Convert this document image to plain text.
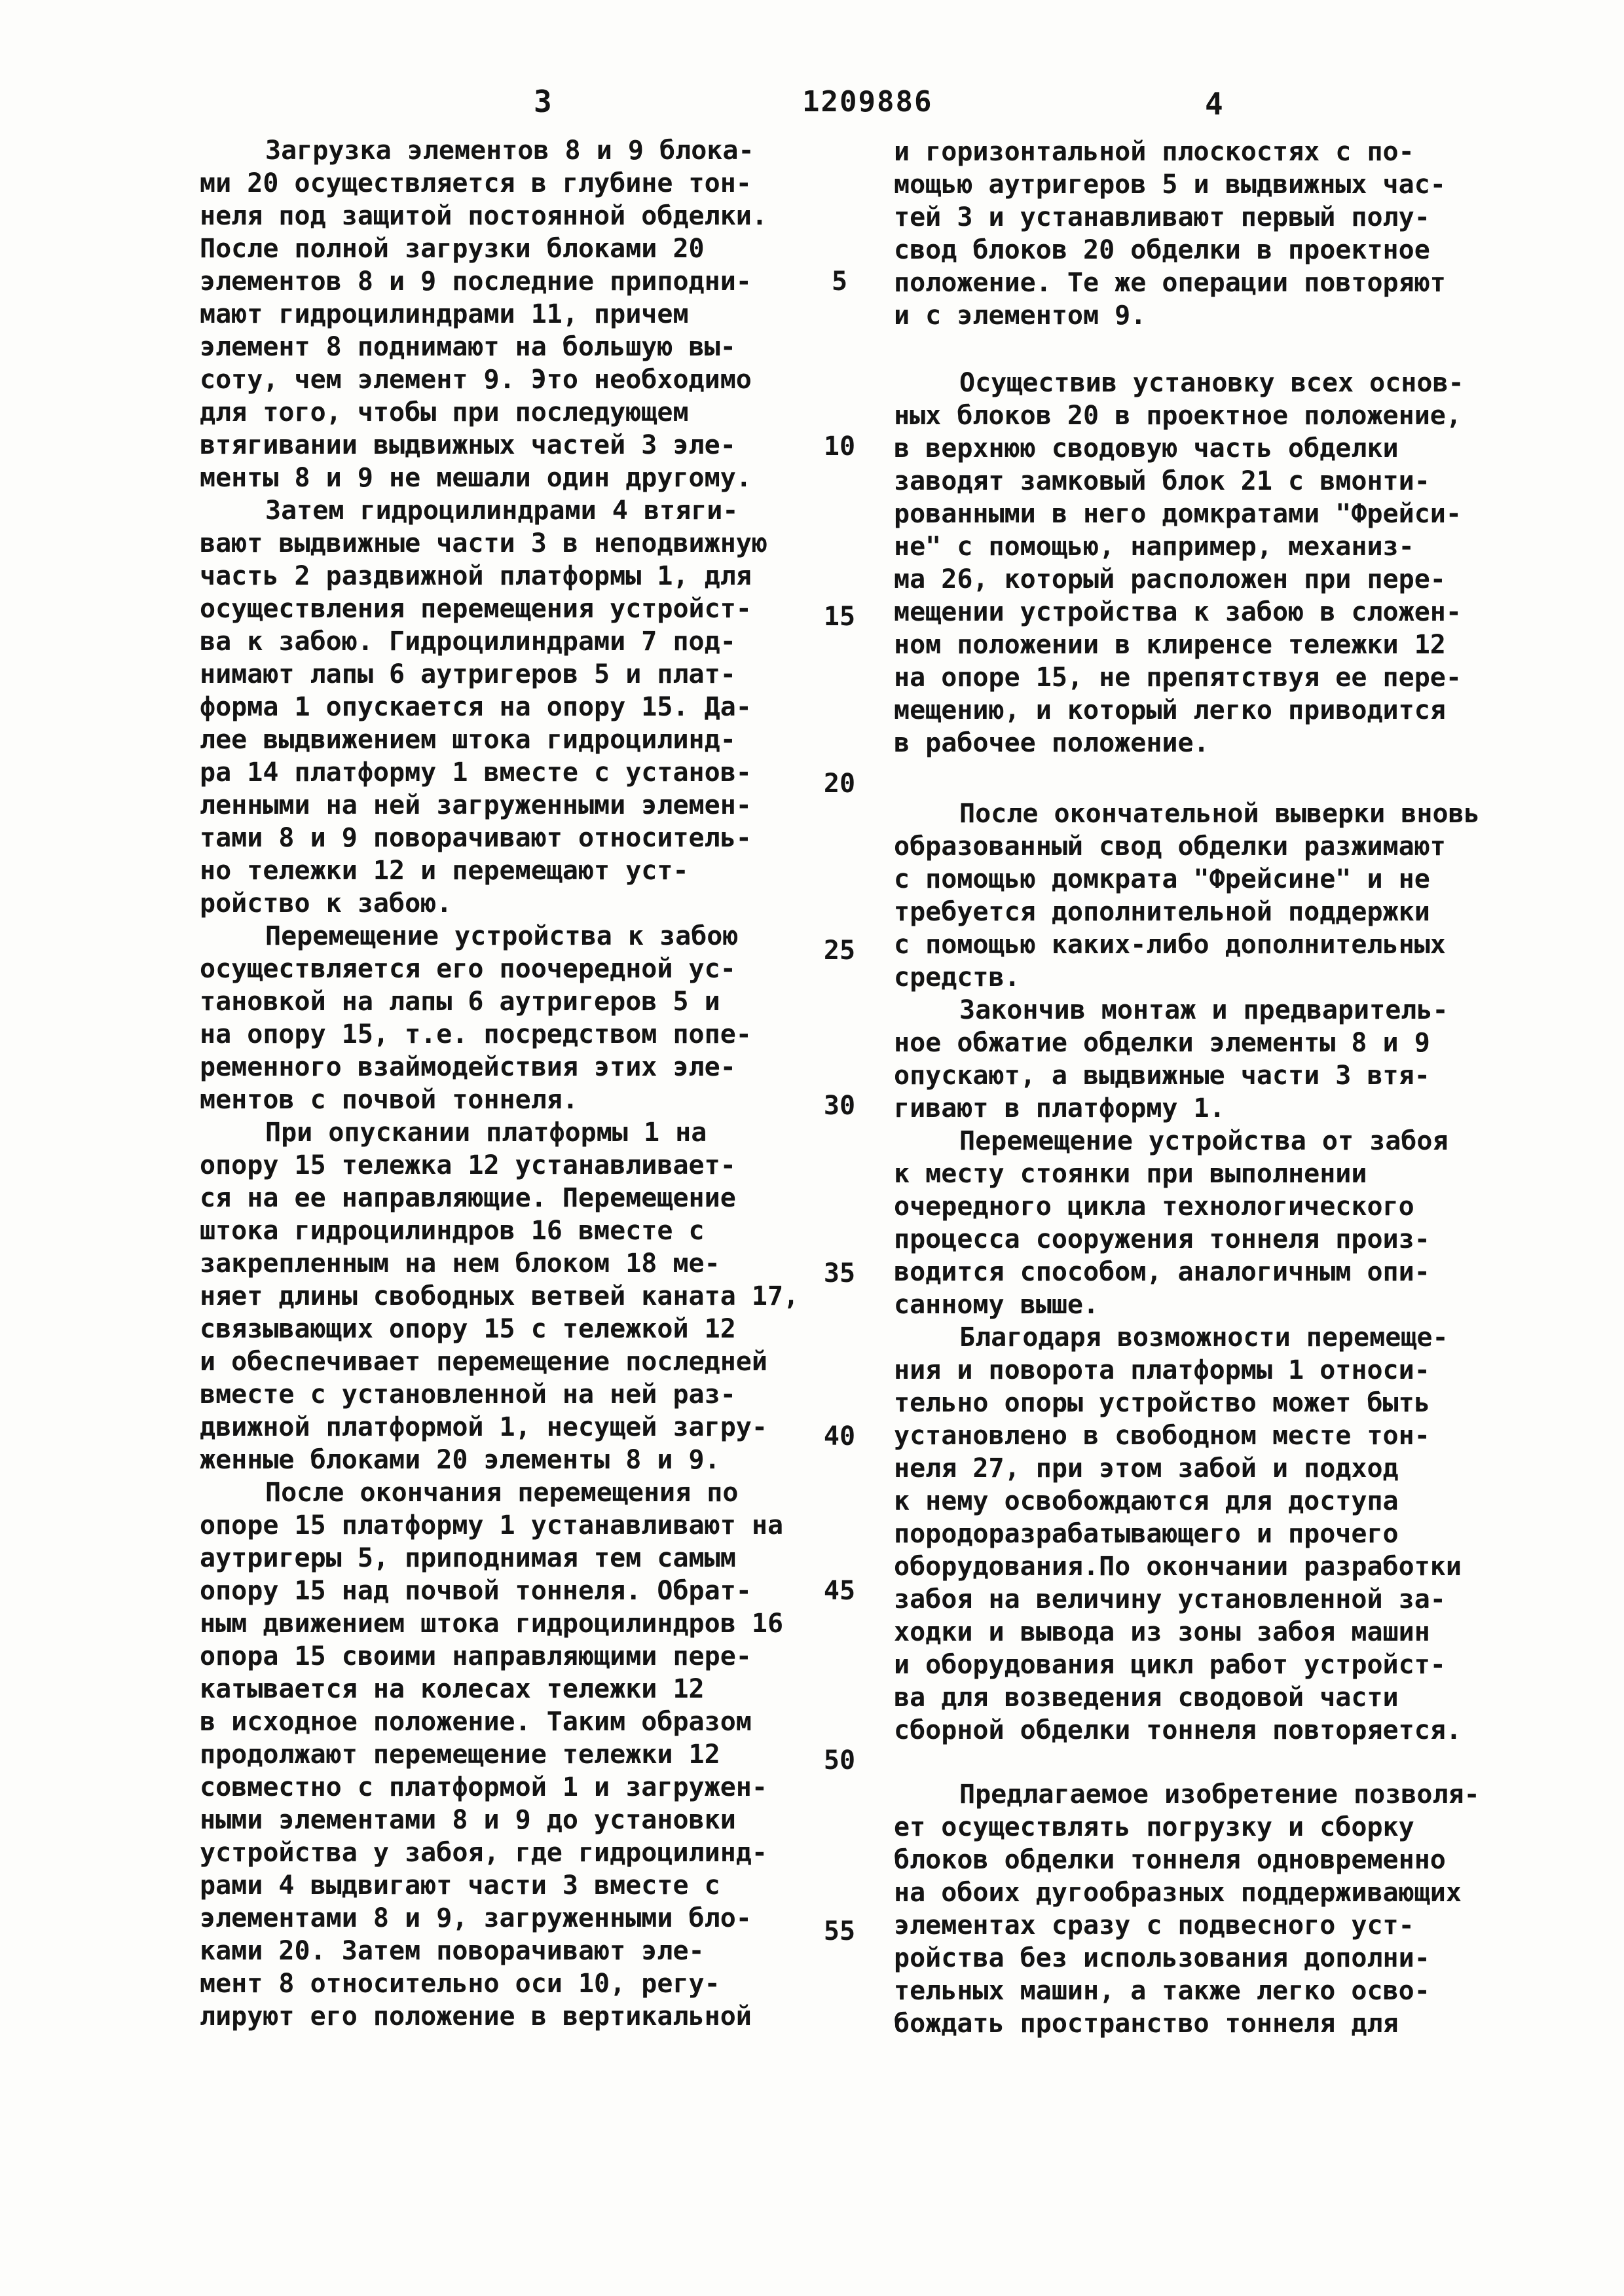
3	1209886	4
Загрузка элементов 8 и 9 блока-
ми 20 осуществляется в глубине тон-
неля под защитой постоянной обделки.
После полной загрузки блоками 20
элементов 8 и 9 последние приподни-
мают гидроцилиндрами 11, причем
элемент 8 поднимают на большую вы-
соту, чем элемент 9. Это необходимо
для того, чтобы при последующем
втягивании выдвижных частей 3 эле-
менты 8 и 9 не мешали один другому.
Затем гидроцилиндрами 4 втяги-
вают выдвижные части 3 в неподвижную
часть 2 раздвижной платформы 1, для
осуществления перемещения устройст-
ва к забою. Гидроцилиндрами 7 под-
нимают лапы 6 аутригеров 5 и плат-
форма 1 опускается на опору 15. Да-
лее выдвижением штока гидроцилинд-
ра 14 платформу 1 вместе с установ-
ленными на ней загруженными элемен-
тами 8 и 9 поворачивают относитель-
но тележки 12 и перемещают уст-
ройство к забою.
Перемещение устройства к забою
осуществляется его поочередной ус-
тановкой на лапы 6 аутригеров 5 и
на опору 15, т.е. посредством попе-
ременного взаймодействия этих эле-
ментов с почвой тоннеля.
При опускании платформы 1 на
опору 15 тележка 12 устанавливает-
ся на ее направляющие. Перемещение
штока гидроцилиндров 16 вместе с
закрепленным на нем блоком 18 ме-
няет длины свободных ветвей каната 17,
связывающих опору 15 с тележкой 12
и обеспечивает перемещение последней
вместе с установленной на ней раз-
движной платформой 1, несущей загру-
женные блоками 20 элементы 8 и 9.
После окончания перемещения по
опоре 15 платформу 1 устанавливают на
аутригеры 5, приподнимая тем самым
опору 15 над почвой тоннеля. Обрат-
ным движением штока гидроцилиндров 16
опора 15 своими направляющими пере-
катывается на колесах тележки 12
в исходное положение. Таким образом
продолжают перемещение тележки 12
совместно с платформой 1 и загружен-
ными элементами 8 и 9 до установки
устройства у забоя, где гидроцилинд-
рами 4 выдвигают части 3 вместе с
элементами 8 и 9, загруженными бло-
ками 20. Затем поворачивают эле-
мент 8 относительно оси 10, регу-
лируют его положение в вертикальной
и горизонтальной плоскостях с по-
мощью аутригеров 5 и выдвижных час-
тей 3 и устанавливают первый полу-
свод блоков 20 обделки в проектное
положение. Те же операции повторяют
и с элементом 9.
Осуществив установку всех основ-
ных блоков 20 в проектное положение,
в верхнюю сводовую часть обделки
заводят замковый блок 21 с вмонти-
рованными в него домкратами "Фрейси-
не" с помощью, например, механиз-
ма 26, который расположен при пере-
мещении устройства к забою в сложен-
ном положении в клиренсе тележки 12
на опоре 15, не препятствуя ее пере-
мещению, и который легко приводится
в рабочее положение.
После окончательной выверки вновь
образованный свод обделки разжимают
с помощью домкрата "Фрейсине" и не
требуется дополнительной поддержки
с помощью каких-либо дополнительных
средств.
Закончив монтаж и предваритель-
ное обжатие обделки элементы 8 и 9
опускают, а выдвижные части 3 втя-
гивают в платформу 1.
Перемещение устройства от забоя
к месту стоянки при выполнении
очередного цикла технологического
процесса сооружения тоннеля произ-
водится способом, аналогичным опи-
санному выше.
Благодаря возможности перемеще-
ния и поворота платформы 1 относи-
тельно опоры устройство может быть
установлено в свободном месте тон-
неля 27, при этом забой и подход
к нему освобождаются для доступа
породоразрабатывающего и прочего
оборудования.По окончании разработки
забоя на величину установленной за-
ходки и вывода из зоны забоя машин
и оборудования цикл работ устройст-
ва для возведения сводовой части
сборной обделки тоннеля повторяется.
Предлагаемое изобретение позволя-
ет осуществлять погрузку и сборку
блоков обделки тоннеля одновременно
на обоих дугообразных поддерживающих
элементах сразу с подвесного уст-
ройства без использования дополни-
тельных машин, а также легко осво-
бождать пространство тоннеля для
5
10
15
20
25
30
35
40
45
50
55
